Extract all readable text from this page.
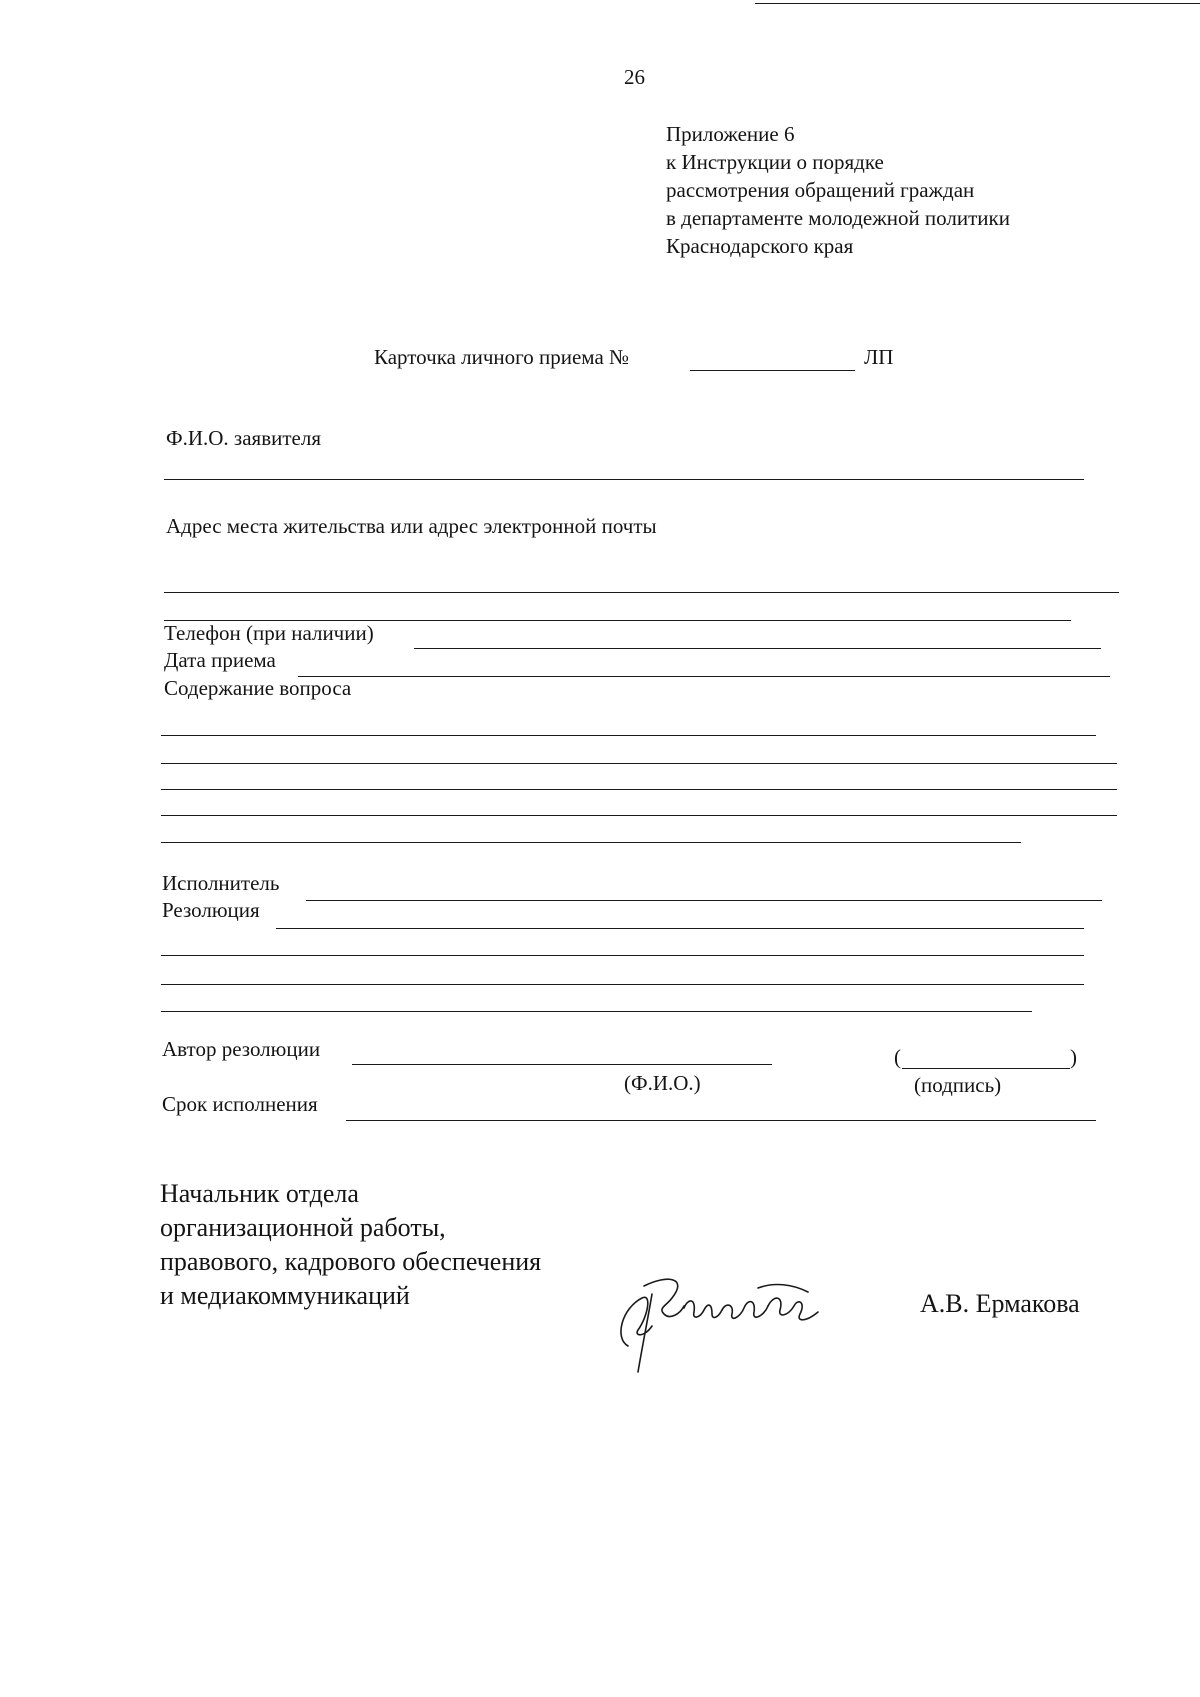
26
Приложение 6
к Инструкции о порядке
рассмотрения обращений граждан
в департаменте молодежной политики
Краснодарского края
Карточка личного приема №	ЛП
Ф.И.О. заявителя
Адрес места жительства или адрес электронной почты
Телефон (при наличии)
Дата приема
Содержание вопроса
Исполнитель
Резолюция
Автор резолюции
(Ф.И.О.)
(	)
(подпись)
Срок исполнения
Начальник отдела
организационной работы,
правового, кадрового обеспечения
и медиакоммуникаций	А.В. Ермакова
